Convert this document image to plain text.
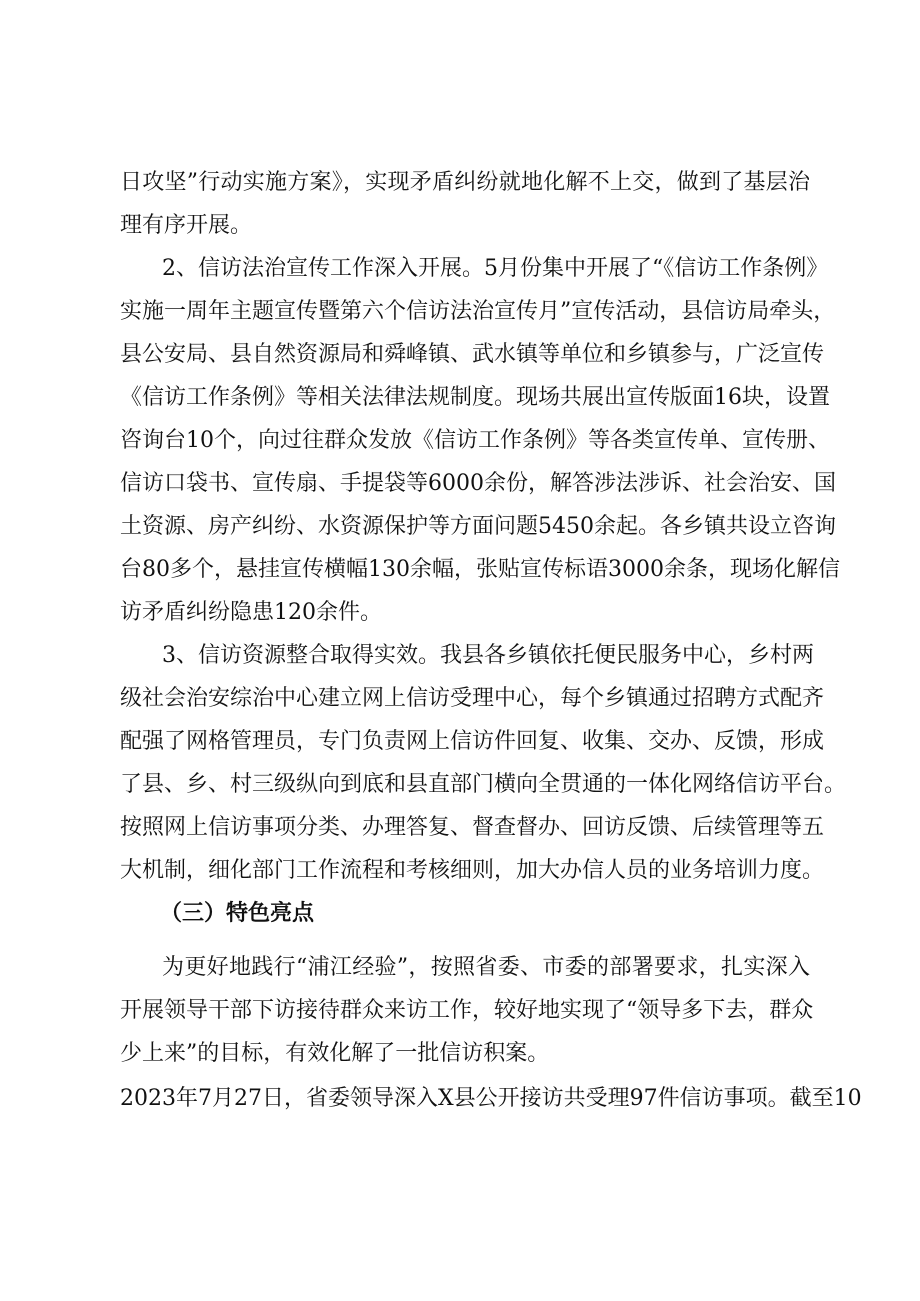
日攻坚”行动实施方案》，实现矛盾纠纷就地化解不上交，做到了基层治
理有序开展。
2、信访法治宣传工作深入开展。5月份集中开展了“《信访工作条例》
实施一周年主题宣传暨第六个信访法治宣传月”宣传活动，县信访局牵头，
县公安局、县自然资源局和舜峰镇、武水镇等单位和乡镇参与，广泛宣传
《信访工作条例》等相关法律法规制度。现场共展出宣传版面16块，设置
咨询台10个，向过往群众发放《信访工作条例》等各类宣传单、宣传册、
信访口袋书、宣传扇、手提袋等6000余份，解答涉法涉诉、社会治安、国
土资源、房产纠纷、水资源保护等方面问题5450余起。各乡镇共设立咨询
台80多个，悬挂宣传横幅130余幅，张贴宣传标语3000余条，现场化解信
访矛盾纠纷隐患120余件。
3、信访资源整合取得实效。我县各乡镇依托便民服务中心，乡村两
级社会治安综治中心建立网上信访受理中心，每个乡镇通过招聘方式配齐
配强了网格管理员，专门负责网上信访件回复、收集、交办、反馈，形成
了县、乡、村三级纵向到底和县直部门横向全贯通的一体化网络信访平台。
按照网上信访事项分类、办理答复、督查督办、回访反馈、后续管理等五
大机制，细化部门工作流程和考核细则，加大办信人员的业务培训力度。
（三）特色亮点
为更好地践行“浦江经验”，按照省委、市委的部署要求，扎实深入
开展领导干部下访接待群众来访工作，较好地实现了“领导多下去，群众
少上来”的目标，有效化解了一批信访积案。
2023年7月27日，省委领导深入X县公开接访共受理97件信访事项。截至10
